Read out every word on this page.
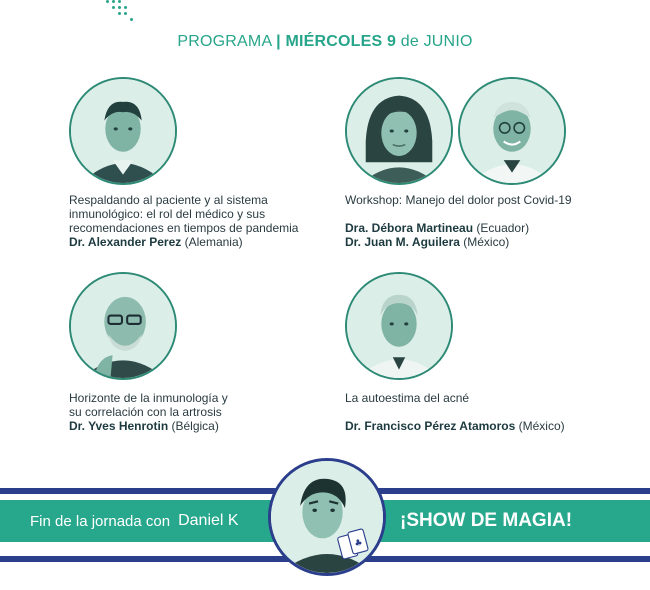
PROGRAMA | MIÉRCOLES 9 de JUNIO
Respaldando al paciente y al sistema
inmunológico: el rol del médico y sus
recomendaciones en tiempos de pandemia
Dr. Alexander Perez (Alemania)
Workshop: Manejo del dolor post Covid-19
Dra. Débora Martineau (Ecuador)
Dr. Juan M. Aguilera (México)
Horizonte de la inmunología y
su correlación con la artrosis
Dr. Yves Henrotin (Bélgica)
La autoestima del acné
Dr. Francisco Pérez Atamoros (México)
Fin de la jornada con Daniel K	¡SHOW DE MAGIA!
♣
